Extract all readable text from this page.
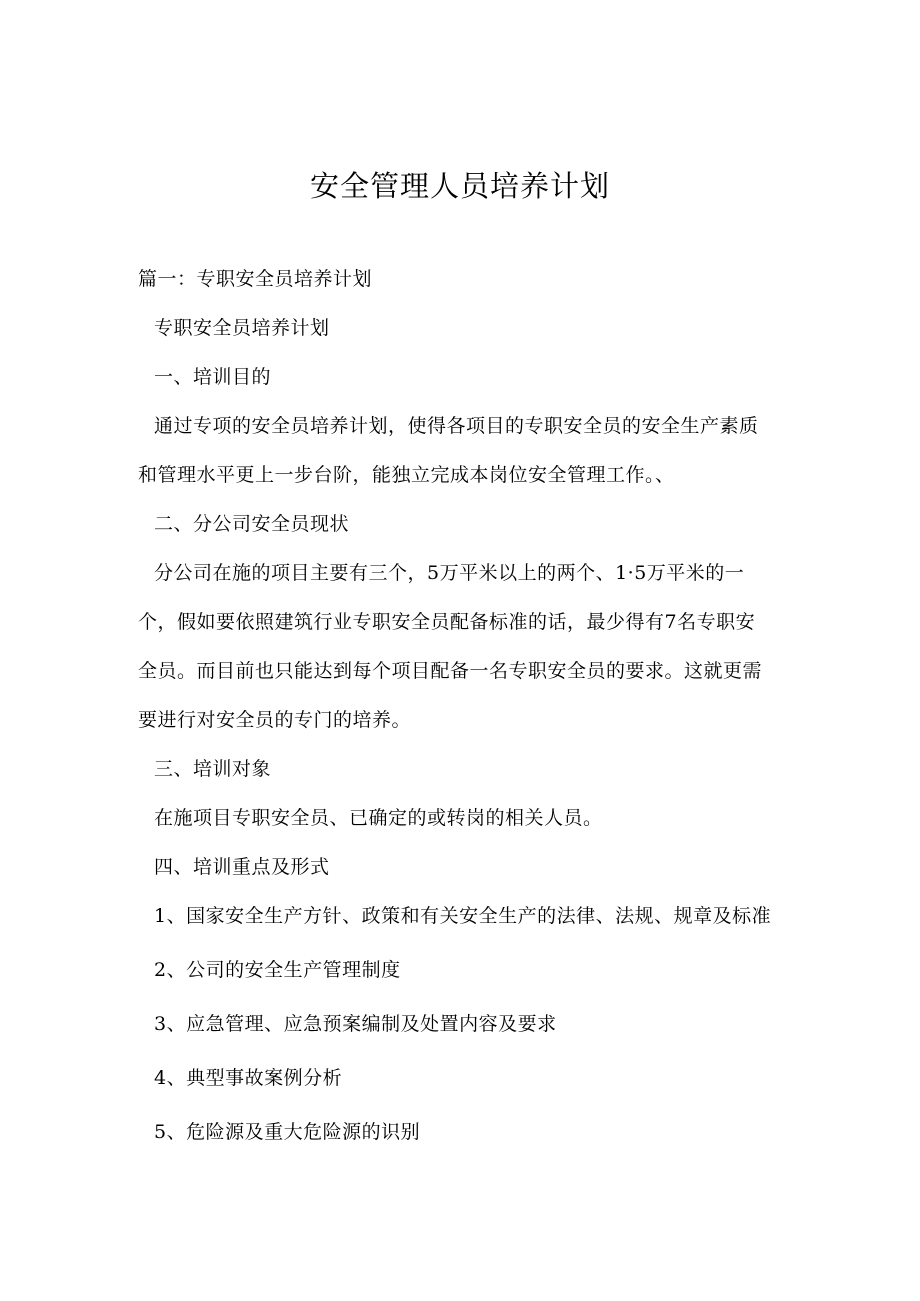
安全管理人员培养计划
篇一：专职安全员培养计划
专职安全员培养计划
一、培训目的
通过专项的安全员培养计划，使得各项目的专职安全员的安全生产素质
和管理水平更上一步台阶，能独立完成本岗位安全管理工作。、
二、分公司安全员现状
分公司在施的项目主要有三个，5万平米以上的两个、1·5万平米的一
个，假如要依照建筑行业专职安全员配备标准的话，最少得有7名专职安
全员。而目前也只能达到每个项目配备一名专职安全员的要求。这就更需
要进行对安全员的专门的培养。
三、培训对象
在施项目专职安全员、已确定的或转岗的相关人员。
四、培训重点及形式
1、国家安全生产方针、政策和有关安全生产的法律、法规、规章及标准
2、公司的安全生产管理制度
3、应急管理、应急预案编制及处置内容及要求
4、典型事故案例分析
5、危险源及重大危险源的识别
